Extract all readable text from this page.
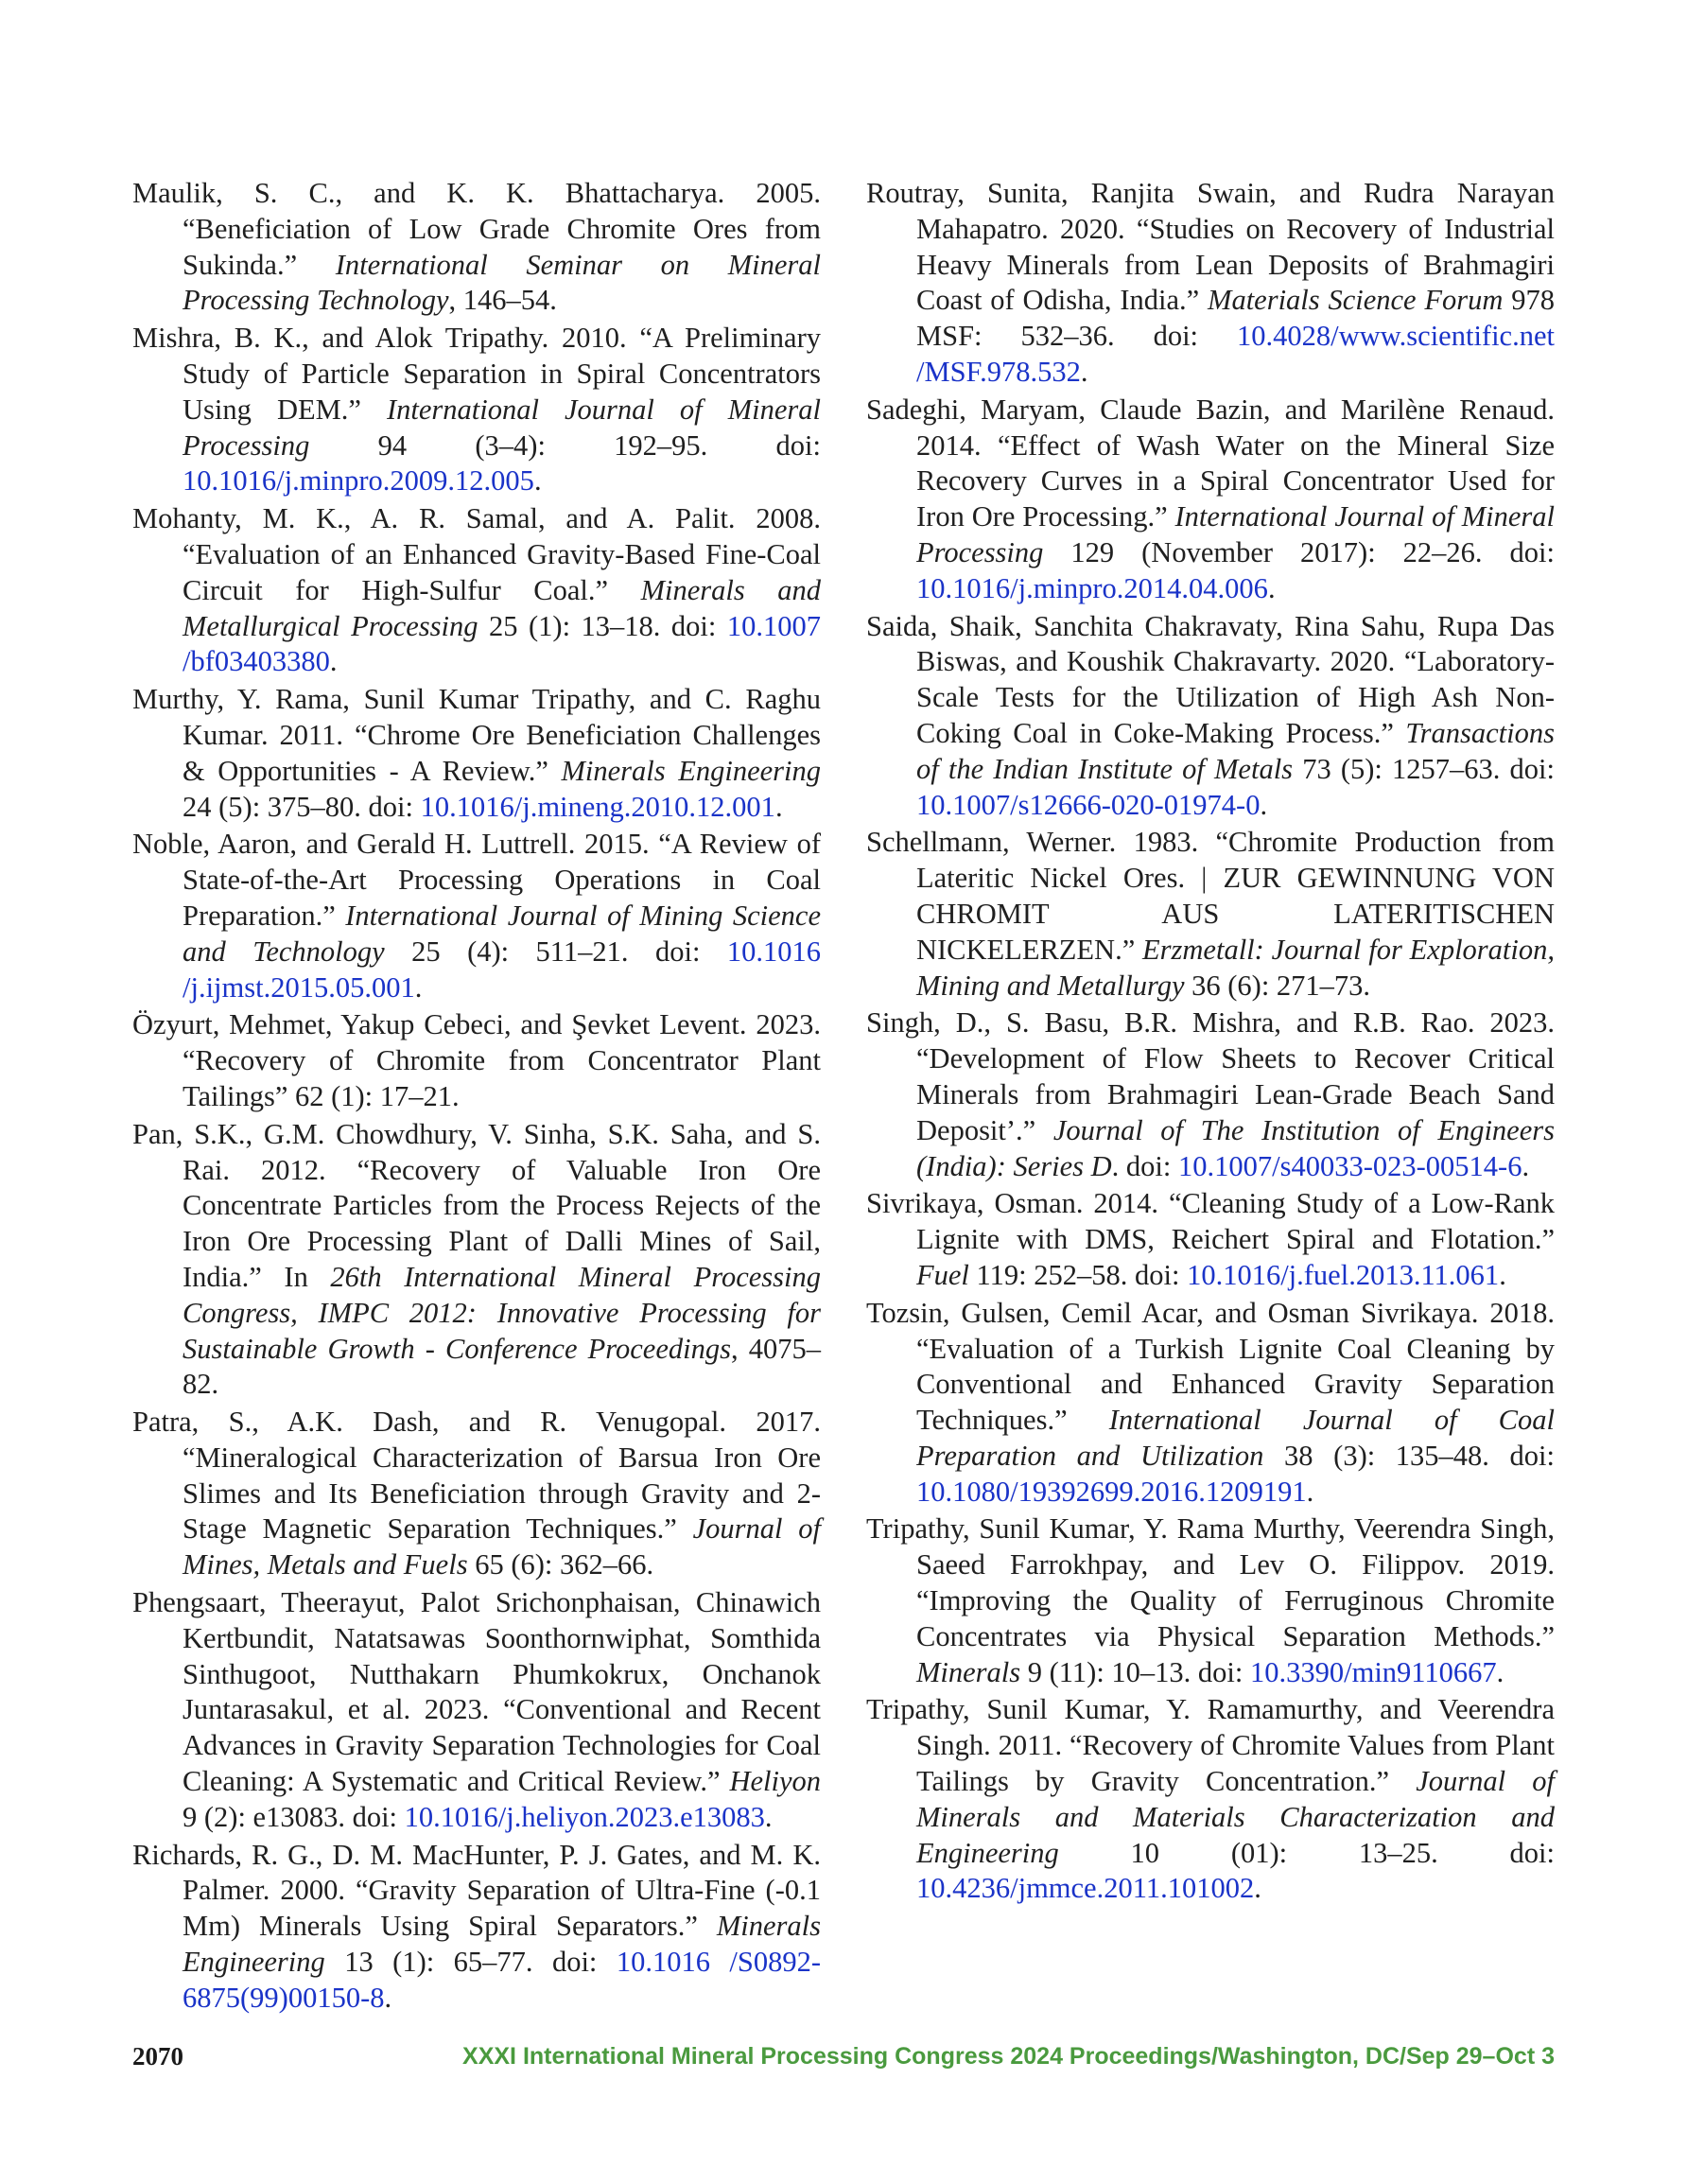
Maulik, S. C., and K. K. Bhattacharya. 2005. “Beneficiation of Low Grade Chromite Ores from Sukinda.” International Seminar on Mineral Processing Technology, 146–54.

Mishra, B. K., and Alok Tripathy. 2010. “A Preliminary Study of Particle Separation in Spiral Concentrators Using DEM.” International Journal of Mineral Processing 94 (3–4): 192–95. doi: 10.1016/j.minpro.2009.12.005.

Mohanty, M. K., A. R. Samal, and A. Palit. 2008. “Evaluation of an Enhanced Gravity-Based Fine-Coal Circuit for High-Sulfur Coal.” Minerals and Metallurgical Processing 25 (1): 13–18. doi: 10.1007 /bf03403380.

Murthy, Y. Rama, Sunil Kumar Tripathy, and C. Raghu Kumar. 2011. “Chrome Ore Beneficiation Challenges & Opportunities - A Review.” Minerals Engineering 24 (5): 375–80. doi: 10.1016/j.mineng.2010.12.001.

Noble, Aaron, and Gerald H. Luttrell. 2015. “A Review of State-of-the-Art Processing Operations in Coal Preparation.” International Journal of Mining Science and Technology 25 (4): 511–21. doi: 10.1016 /j.ijmst.2015.05.001.

Özyurt, Mehmet, Yakup Cebeci, and Şevket Levent. 2023. “Recovery of Chromite from Concentrator Plant Tailings” 62 (1): 17–21.

Pan, S.K., G.M. Chowdhury, V. Sinha, S.K. Saha, and S. Rai. 2012. “Recovery of Valuable Iron Ore Concentrate Particles from the Process Rejects of the Iron Ore Processing Plant of Dalli Mines of Sail, India.” In 26th International Mineral Processing Congress, IMPC 2012: Innovative Processing for Sustainable Growth - Conference Proceedings, 4075–82.

Patra, S., A.K. Dash, and R. Venugopal. 2017. “Mineralogical Characterization of Barsua Iron Ore Slimes and Its Beneficiation through Gravity and 2-Stage Magnetic Separation Techniques.” Journal of Mines, Metals and Fuels 65 (6): 362–66.

Phengsaart, Theerayut, Palot Srichonphaisan, Chinawich Kertbundit, Natatsawas Soonthornwiphat, Somthida Sinthugoot, Nutthakarn Phumkokrux, Onchanok Juntarasakul, et al. 2023. “Conventional and Recent Advances in Gravity Separation Technologies for Coal Cleaning: A Systematic and Critical Review.” Heliyon 9 (2): e13083. doi: 10.1016/j.heliyon.2023.e13083.

Richards, R. G., D. M. MacHunter, P. J. Gates, and M. K. Palmer. 2000. “Gravity Separation of Ultra-Fine (-0.1 Mm) Minerals Using Spiral Separators.” Minerals Engineering 13 (1): 65–77. doi: 10.1016 /S0892-6875(99)00150-8.

Routray, Sunita, Ranjita Swain, and Rudra Narayan Mahapatro. 2020. “Studies on Recovery of Industrial Heavy Minerals from Lean Deposits of Brahmagiri Coast of Odisha, India.” Materials Science Forum 978 MSF: 532–36. doi: 10.4028/www.scientific.net /MSF.978.532.

Sadeghi, Maryam, Claude Bazin, and Marilène Renaud. 2014. “Effect of Wash Water on the Mineral Size Recovery Curves in a Spiral Concentrator Used for Iron Ore Processing.” International Journal of Mineral Processing 129 (November 2017): 22–26. doi: 10.1016/j.minpro.2014.04.006.

Saida, Shaik, Sanchita Chakravaty, Rina Sahu, Rupa Das Biswas, and Koushik Chakravarty. 2020. “Laboratory-Scale Tests for the Utilization of High Ash Non-Coking Coal in Coke-Making Process.” Transactions of the Indian Institute of Metals 73 (5): 1257–63. doi: 10.1007/s12666-020-01974-0.

Schellmann, Werner. 1983. “Chromite Production from Lateritic Nickel Ores. | ZUR GEWINNUNG VON CHROMIT AUS LATERITISCHEN NICKELERZEN.” Erzmetall: Journal for Exploration, Mining and Metallurgy 36 (6): 271–73.

Singh, D., S. Basu, B.R. Mishra, and R.B. Rao. 2023. “Development of Flow Sheets to Recover Critical Minerals from Brahmagiri Lean-Grade Beach Sand Deposit’.” Journal of The Institution of Engineers (India): Series D. doi: 10.1007/s40033-023-00514-6.

Sivrikaya, Osman. 2014. “Cleaning Study of a Low-Rank Lignite with DMS, Reichert Spiral and Flotation.” Fuel 119: 252–58. doi: 10.1016/j.fuel.2013.11.061.

Tozsin, Gulsen, Cemil Acar, and Osman Sivrikaya. 2018. “Evaluation of a Turkish Lignite Coal Cleaning by Conventional and Enhanced Gravity Separation Techniques.” International Journal of Coal Preparation and Utilization 38 (3): 135–48. doi: 10.1080/19392699.2016.1209191.

Tripathy, Sunil Kumar, Y. Rama Murthy, Veerendra Singh, Saeed Farrokhpay, and Lev O. Filippov. 2019. “Improving the Quality of Ferruginous Chromite Concentrates via Physical Separation Methods.” Minerals 9 (11): 10–13. doi: 10.3390/min9110667.

Tripathy, Sunil Kumar, Y. Ramamurthy, and Veerendra Singh. 2011. “Recovery of Chromite Values from Plant Tailings by Gravity Concentration.” Journal of Minerals and Materials Characterization and Engineering 10 (01): 13–25. doi: 10.4236/jmmce.2011.101002.

2070	XXXI International Mineral Processing Congress 2024 Proceedings/Washington, DC/Sep 29–Oct 3
